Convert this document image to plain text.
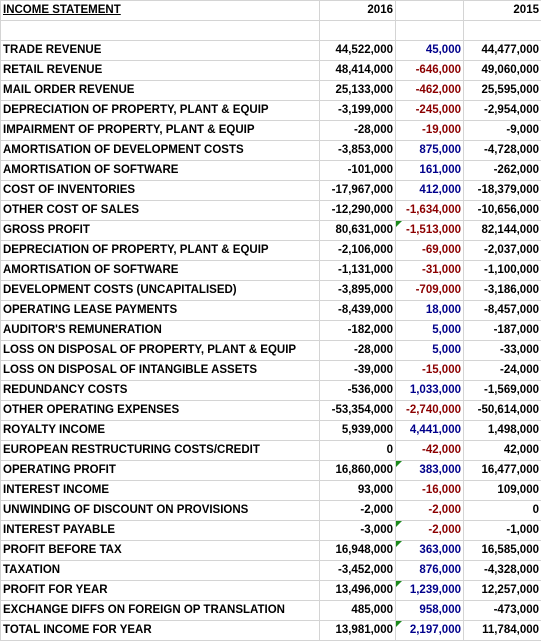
INCOME STATEMENT	2016		2015

TRADE REVENUE	44,522,000	45,000	44,477,000
RETAIL REVENUE	48,414,000	-646,000	49,060,000
MAIL ORDER REVENUE	25,133,000	-462,000	25,595,000
DEPRECIATION OF PROPERTY, PLANT & EQUIP	-3,199,000	-245,000	-2,954,000
IMPAIRMENT OF PROPERTY, PLANT & EQUIP	-28,000	-19,000	-9,000
AMORTISATION OF DEVELOPMENT COSTS	-3,853,000	875,000	-4,728,000
AMORTISATION OF SOFTWARE	-101,000	161,000	-262,000
COST OF INVENTORIES	-17,967,000	412,000	-18,379,000
OTHER COST OF SALES	-12,290,000	-1,634,000	-10,656,000
GROSS PROFIT	80,631,000	-1,513,000	82,144,000
DEPRECIATION OF PROPERTY, PLANT & EQUIP	-2,106,000	-69,000	-2,037,000
AMORTISATION OF SOFTWARE	-1,131,000	-31,000	-1,100,000
DEVELOPMENT COSTS (UNCAPITALISED)	-3,895,000	-709,000	-3,186,000
OPERATING LEASE PAYMENTS	-8,439,000	18,000	-8,457,000
AUDITOR'S REMUNERATION	-182,000	5,000	-187,000
LOSS ON DISPOSAL OF PROPERTY, PLANT & EQUIP	-28,000	5,000	-33,000
LOSS ON DISPOSAL OF INTANGIBLE ASSETS	-39,000	-15,000	-24,000
REDUNDANCY COSTS	-536,000	1,033,000	-1,569,000
OTHER OPERATING EXPENSES	-53,354,000	-2,740,000	-50,614,000
ROYALTY INCOME	5,939,000	4,441,000	1,498,000
EUROPEAN RESTRUCTURING COSTS/CREDIT	0	-42,000	42,000
OPERATING PROFIT	16,860,000	383,000	16,477,000
INTEREST INCOME	93,000	-16,000	109,000
UNWINDING OF DISCOUNT ON PROVISIONS	-2,000	-2,000	0
INTEREST PAYABLE	-3,000	-2,000	-1,000
PROFIT BEFORE TAX	16,948,000	363,000	16,585,000
TAXATION	-3,452,000	876,000	-4,328,000
PROFIT FOR YEAR	13,496,000	1,239,000	12,257,000
EXCHANGE DIFFS ON FOREIGN OP TRANSLATION	485,000	958,000	-473,000
TOTAL INCOME FOR YEAR	13,981,000	2,197,000	11,784,000
